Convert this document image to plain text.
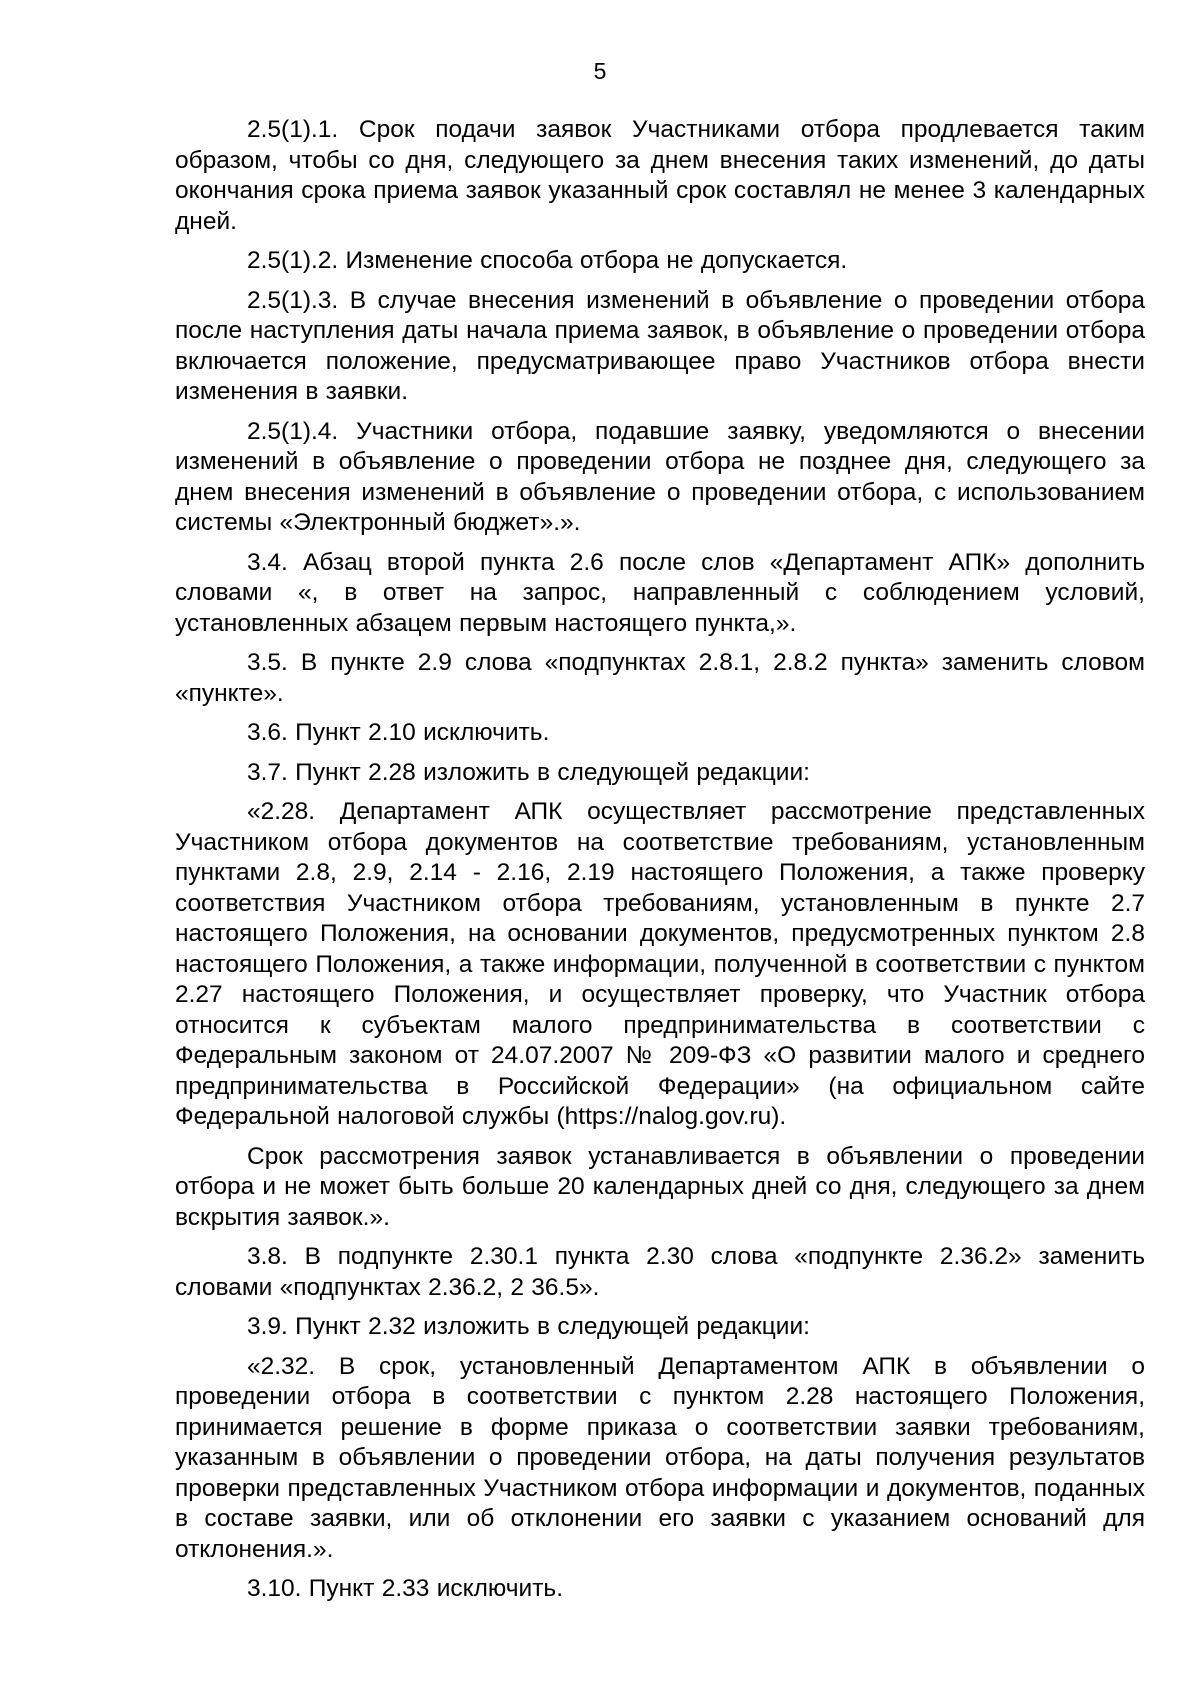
5

2.5(1).1. Срок подачи заявок Участниками отбора продлевается таким образом, чтобы со дня, следующего за днем внесения таких изменений, до даты окончания срока приема заявок указанный срок составлял не менее 3 календарных дней.

2.5(1).2. Изменение способа отбора не допускается.

2.5(1).3. В случае внесения изменений в объявление о проведении отбора после наступления даты начала приема заявок, в объявление о проведении отбора включается положение, предусматривающее право Участников отбора внести изменения в заявки.

2.5(1).4. Участники отбора, подавшие заявку, уведомляются о внесении изменений в объявление о проведении отбора не позднее дня, следующего за днем внесения изменений в объявление о проведении отбора, с использованием системы «Электронный бюджет».».

3.4. Абзац второй пункта 2.6 после слов «Департамент АПК» дополнить словами «, в ответ на запрос, направленный с соблюдением условий, установленных абзацем первым настоящего пункта,».

3.5. В пункте 2.9 слова «подпунктах 2.8.1, 2.8.2 пункта» заменить словом «пункте».

3.6. Пункт 2.10 исключить.

3.7. Пункт 2.28 изложить в следующей редакции:

«2.28. Департамент АПК осуществляет рассмотрение представленных Участником отбора документов на соответствие требованиям, установленным пунктами 2.8, 2.9, 2.14 - 2.16, 2.19 настоящего Положения, а также проверку соответствия Участником отбора требованиям, установленным в пункте 2.7 настоящего Положения, на основании документов, предусмотренных пунктом 2.8 настоящего Положения, а также информации, полученной в соответствии с пунктом 2.27 настоящего Положения, и осуществляет проверку, что Участник отбора относится к субъектам малого предпринимательства в соответствии с Федеральным законом от 24.07.2007 № 209-ФЗ «О развитии малого и среднего предпринимательства в Российской Федерации» (на официальном сайте Федеральной налоговой службы (https://nalog.gov.ru).

Срок рассмотрения заявок устанавливается в объявлении о проведении отбора и не может быть больше 20 календарных дней со дня, следующего за днем вскрытия заявок.».

3.8. В подпункте 2.30.1 пункта 2.30 слова «подпункте 2.36.2» заменить словами «подпунктах 2.36.2, 2 36.5».

3.9. Пункт 2.32 изложить в следующей редакции:

«2.32. В срок, установленный Департаментом АПК в объявлении о проведении отбора в соответствии с пунктом 2.28 настоящего Положения, принимается решение в форме приказа о соответствии заявки требованиям, указанным в объявлении о проведении отбора, на даты получения результатов проверки представленных Участником отбора информации и документов, поданных в составе заявки, или об отклонении его заявки с указанием оснований для отклонения.».

3.10. Пункт 2.33 исключить.
